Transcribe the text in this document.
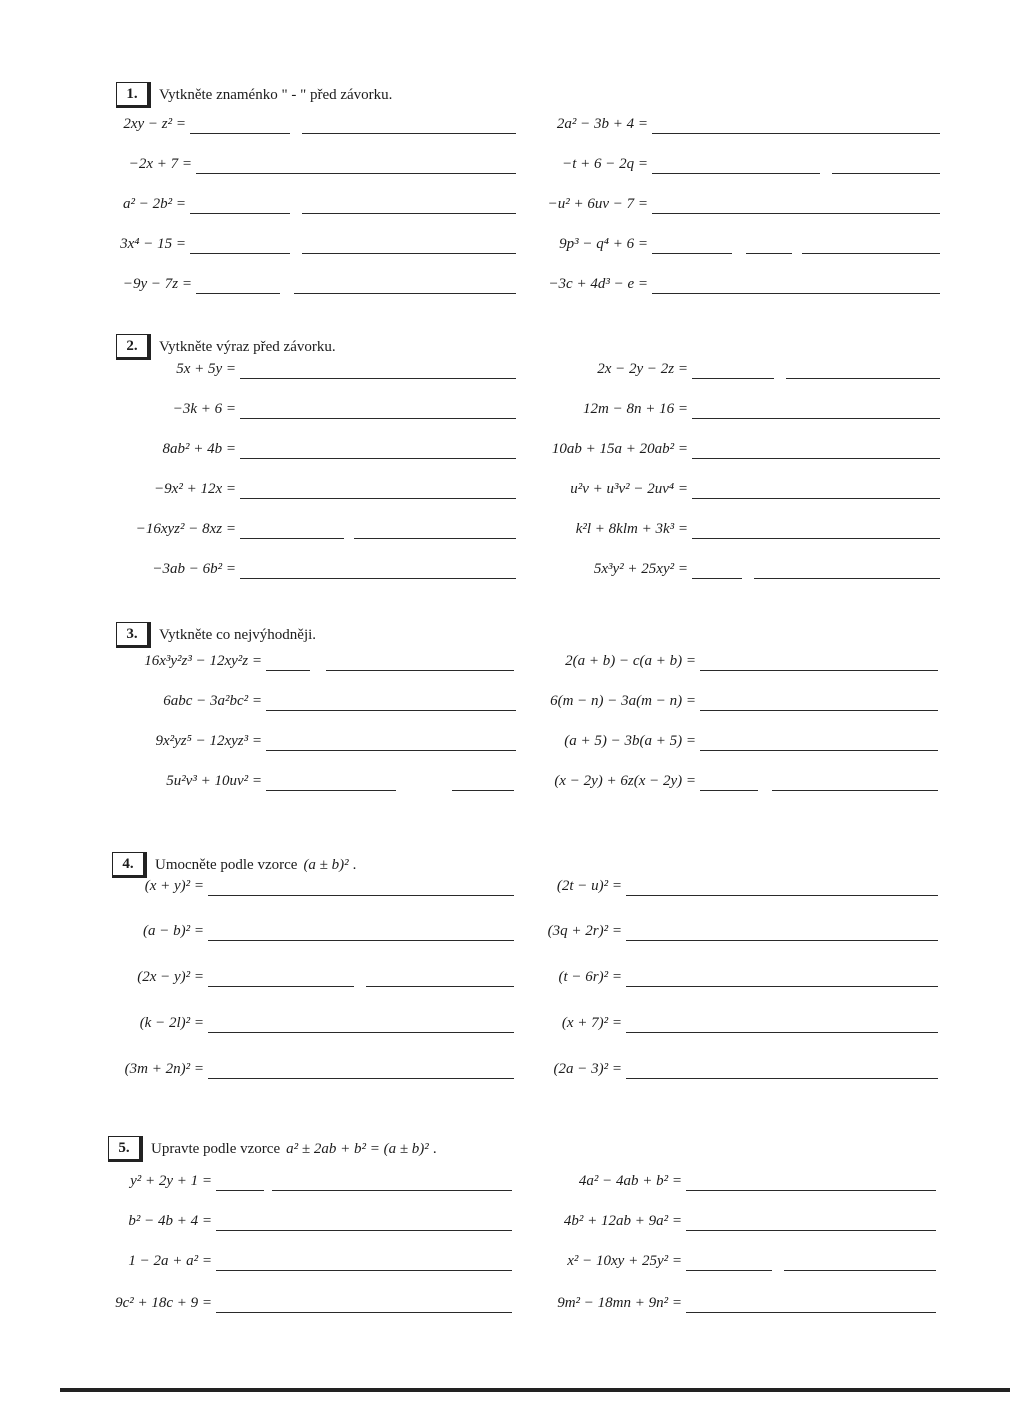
1.	Vytkněte znaménko " - " před závorku.
2xy − z² =
−2x + 7 =
a² − 2b² =
3x⁴ − 15 =
−9y − 7z =
2a² − 3b + 4 =
−t + 6 − 2q =
−u² + 6uv − 7 =
9p³ − q⁴ + 6 =
−3c + 4d³ − e =
2.	Vytkněte výraz před závorku.
5x + 5y =
−3k + 6 =
8ab² + 4b =
−9x² + 12x =
−16xyz² − 8xz =
−3ab − 6b² =
2x − 2y − 2z =
12m − 8n + 16 =
10ab + 15a + 20ab² =
u²v + u³v² − 2uv⁴ =
k²l + 8klm + 3k³ =
5x³y² + 25xy² =
3.	Vytkněte co nejvýhodněji.
16x³y²z³ − 12xy²z =
6abc − 3a²bc² =
9x²yz⁵ − 12xyz³ =
5u²v³ + 10uv² =
2(a + b) − c(a + b) =
6(m − n) − 3a(m − n) =
(a + 5) − 3b(a + 5) =
(x − 2y) + 6z(x − 2y) =
4.	Umocněte podle vzorce (a ± b)² .
(x + y)² =
(a − b)² =
(2x − y)² =
(k − 2l)² =
(3m + 2n)² =
(2t − u)² =
(3q + 2r)² =
(t − 6r)² =
(x + 7)² =
(2a − 3)² =
5.	Upravte podle vzorce a² ± 2ab + b² = (a ± b)² .
y² + 2y + 1 =
b² − 4b + 4 =
1 − 2a + a² =
9c² + 18c + 9 =
4a² − 4ab + b² =
4b² + 12ab + 9a² =
x² − 10xy + 25y² =
9m² − 18mn + 9n² =
